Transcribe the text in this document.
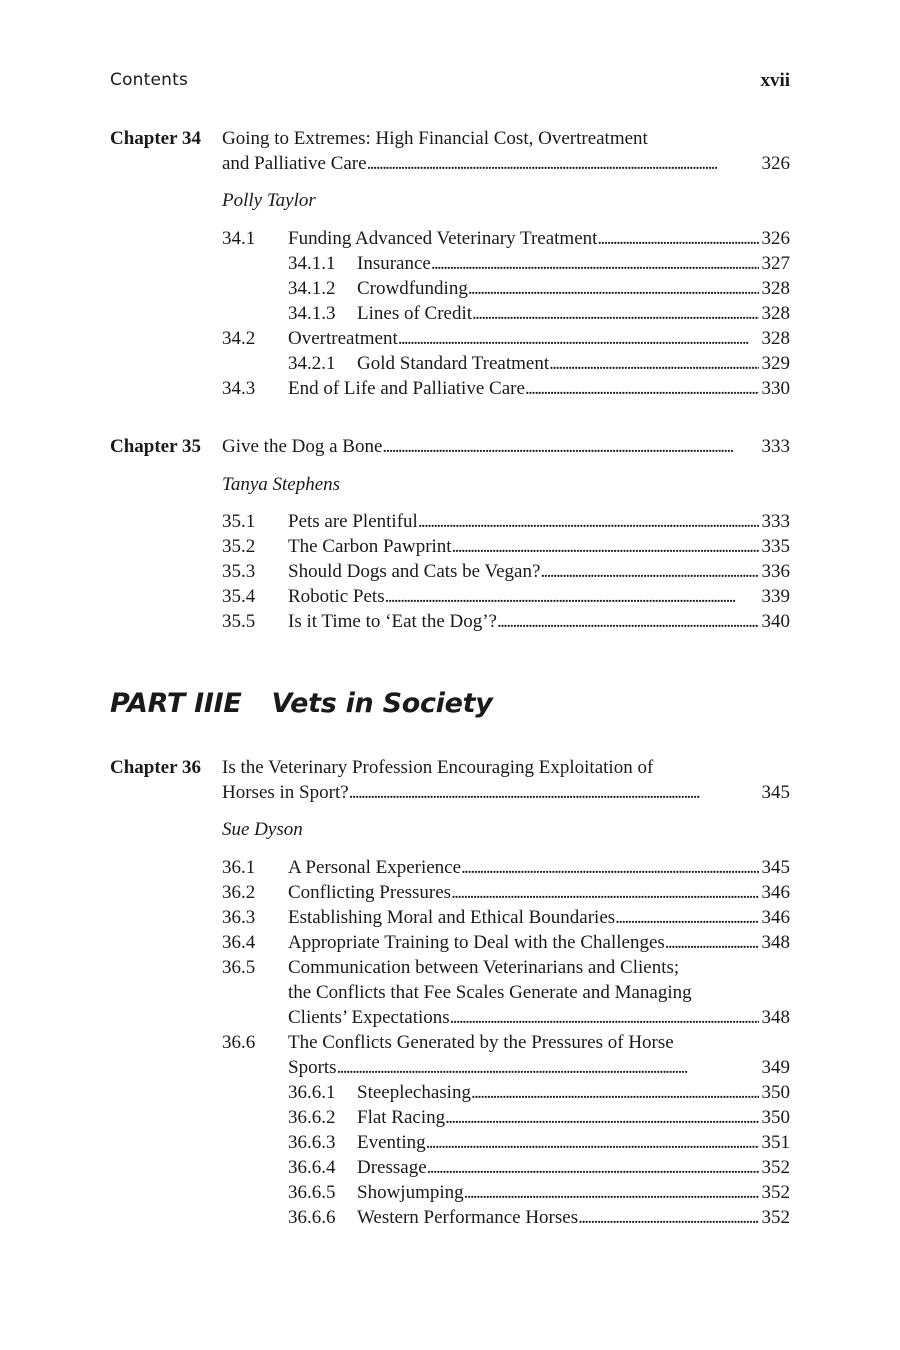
Contents	xvii
Chapter 34 Going to Extremes: High Financial Cost, Overtreatment
and Palliative Care . . .	326
Polly Taylor
34.1 Funding Advanced Veterinary Treatment . . .	326
34.1.1 Insurance . . .	327
34.1.2 Crowdfunding . . .	328
34.1.3 Lines of Credit . . .	328
34.2 Overtreatment . . .	328
34.2.1 Gold Standard Treatment . . .	329
34.3 End of Life and Palliative Care . . .	330
Chapter 35 Give the Dog a Bone . . .	333
Tanya Stephens
35.1 Pets are Plentiful . . .	333
35.2 The Carbon Pawprint . . .	335
35.3 Should Dogs and Cats be Vegan? . . .	336
35.4 Robotic Pets . . .	339
35.5 Is it Time to ‘Eat the Dog’? . . .	340
PART IIIE Vets in Society
Chapter 36 Is the Veterinary Profession Encouraging Exploitation of
Horses in Sport? . . .	345
Sue Dyson
36.1 A Personal Experience . . .	345
36.2 Conflicting Pressures . . .	346
36.3 Establishing Moral and Ethical Boundaries . . .	346
36.4 Appropriate Training to Deal with the Challenges . . .	348
36.5 Communication between Veterinarians and Clients;
the Conflicts that Fee Scales Generate and Managing
Clients’ Expectations . . .	348
36.6 The Conflicts Generated by the Pressures of Horse
Sports . . .	349
36.6.1 Steeplechasing . . .	350
36.6.2 Flat Racing . . .	350
36.6.3 Eventing . . .	351
36.6.4 Dressage . . .	352
36.6.5 Showjumping . . .	352
36.6.6 Western Performance Horses . . .	352
